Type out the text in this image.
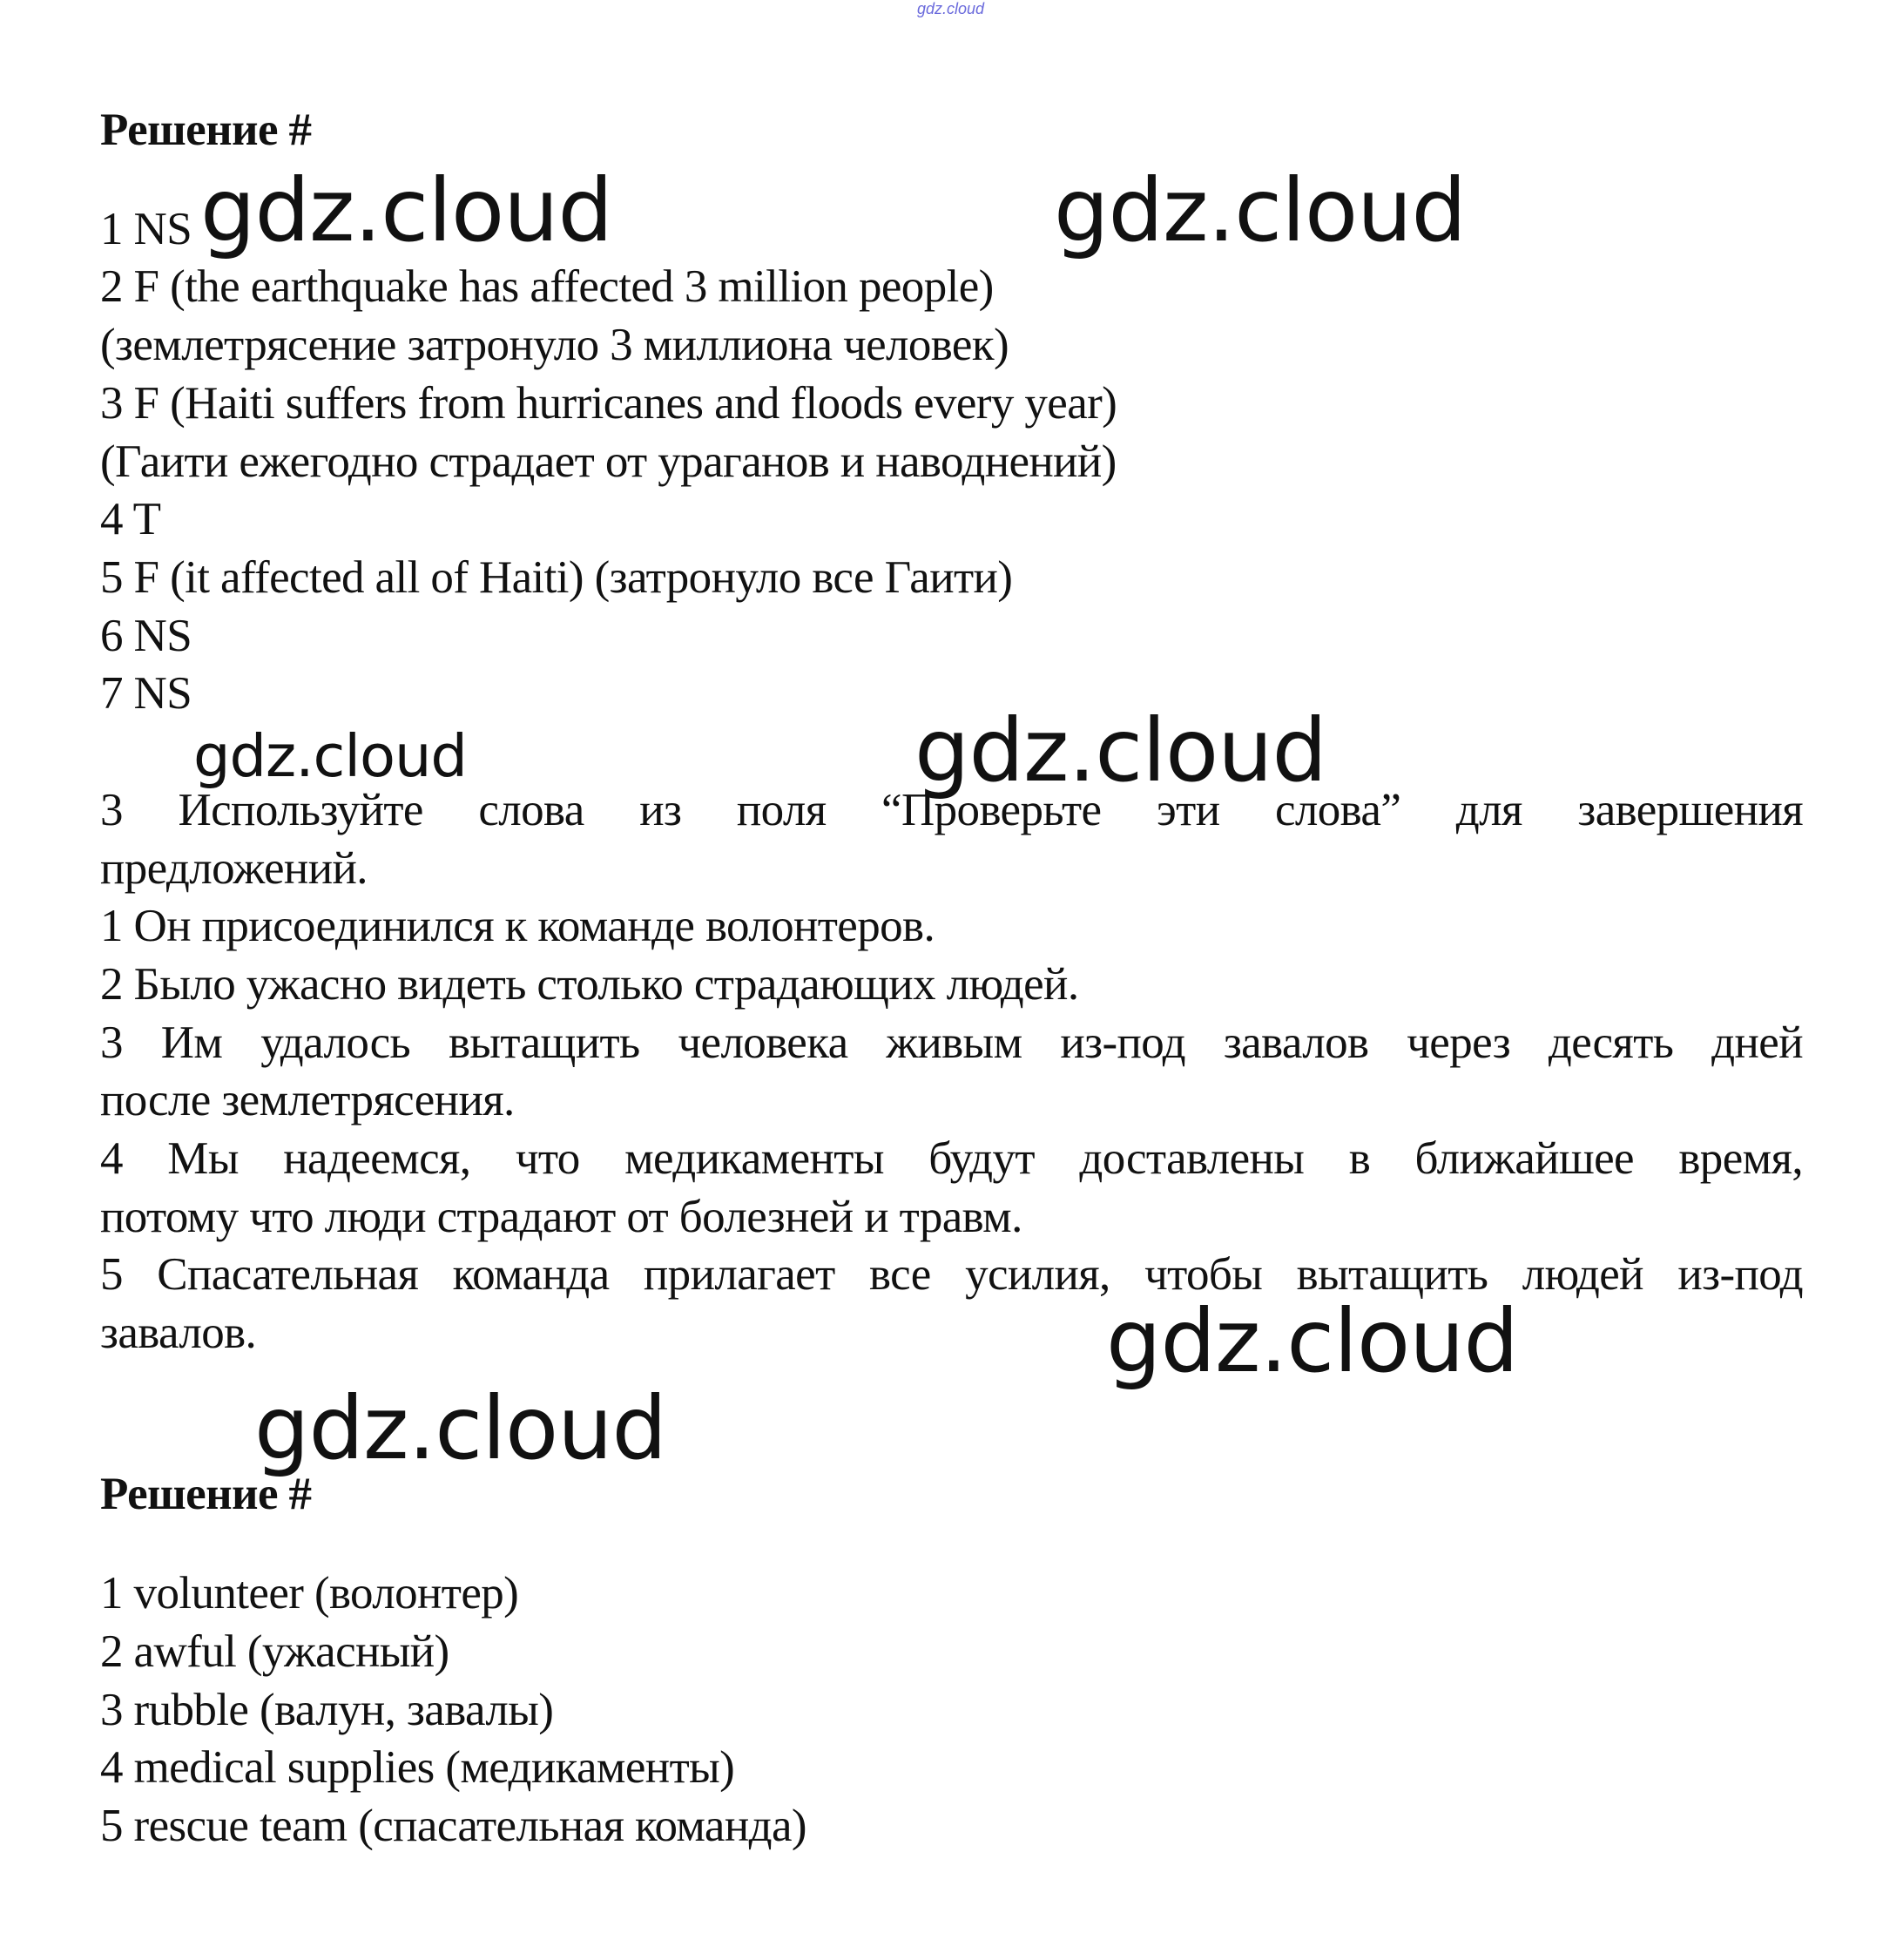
gdz.cloud
Решение #
1 NS
2 F (the earthquake has affected 3 million people)
(землетрясение затронуло 3 миллиона человек)
3 F (Haiti suffers from hurricanes and floods every year)
(Гаити ежегодно страдает от ураганов и наводнений)
4 T
5 F (it affected all of Haiti) (затронуло все Гаити)
6 NS
7 NS
3 Используйте слова из поля “Проверьте эти слова” для завершения
предложений.
1 Он присоединился к команде волонтеров.
2 Было ужасно видеть столько страдающих людей.
3 Им удалось вытащить человека живым из-под завалов через десять дней
после землетрясения.
4 Мы надеемся, что медикаменты будут доставлены в ближайшее время,
потому что люди страдают от болезней и травм.
5 Спасательная команда прилагает все усилия, чтобы вытащить людей из-под
завалов.
Решение #
1 volunteer (волонтер)
2 awful (ужасный)
3 rubble (валун, завалы)
4 medical supplies (медикаменты)
5 rescue team (спасательная команда)
gdz.cloud	gdz.cloud
gdz.cloud	gdz.cloud
gdz.cloud
gdz.cloud
